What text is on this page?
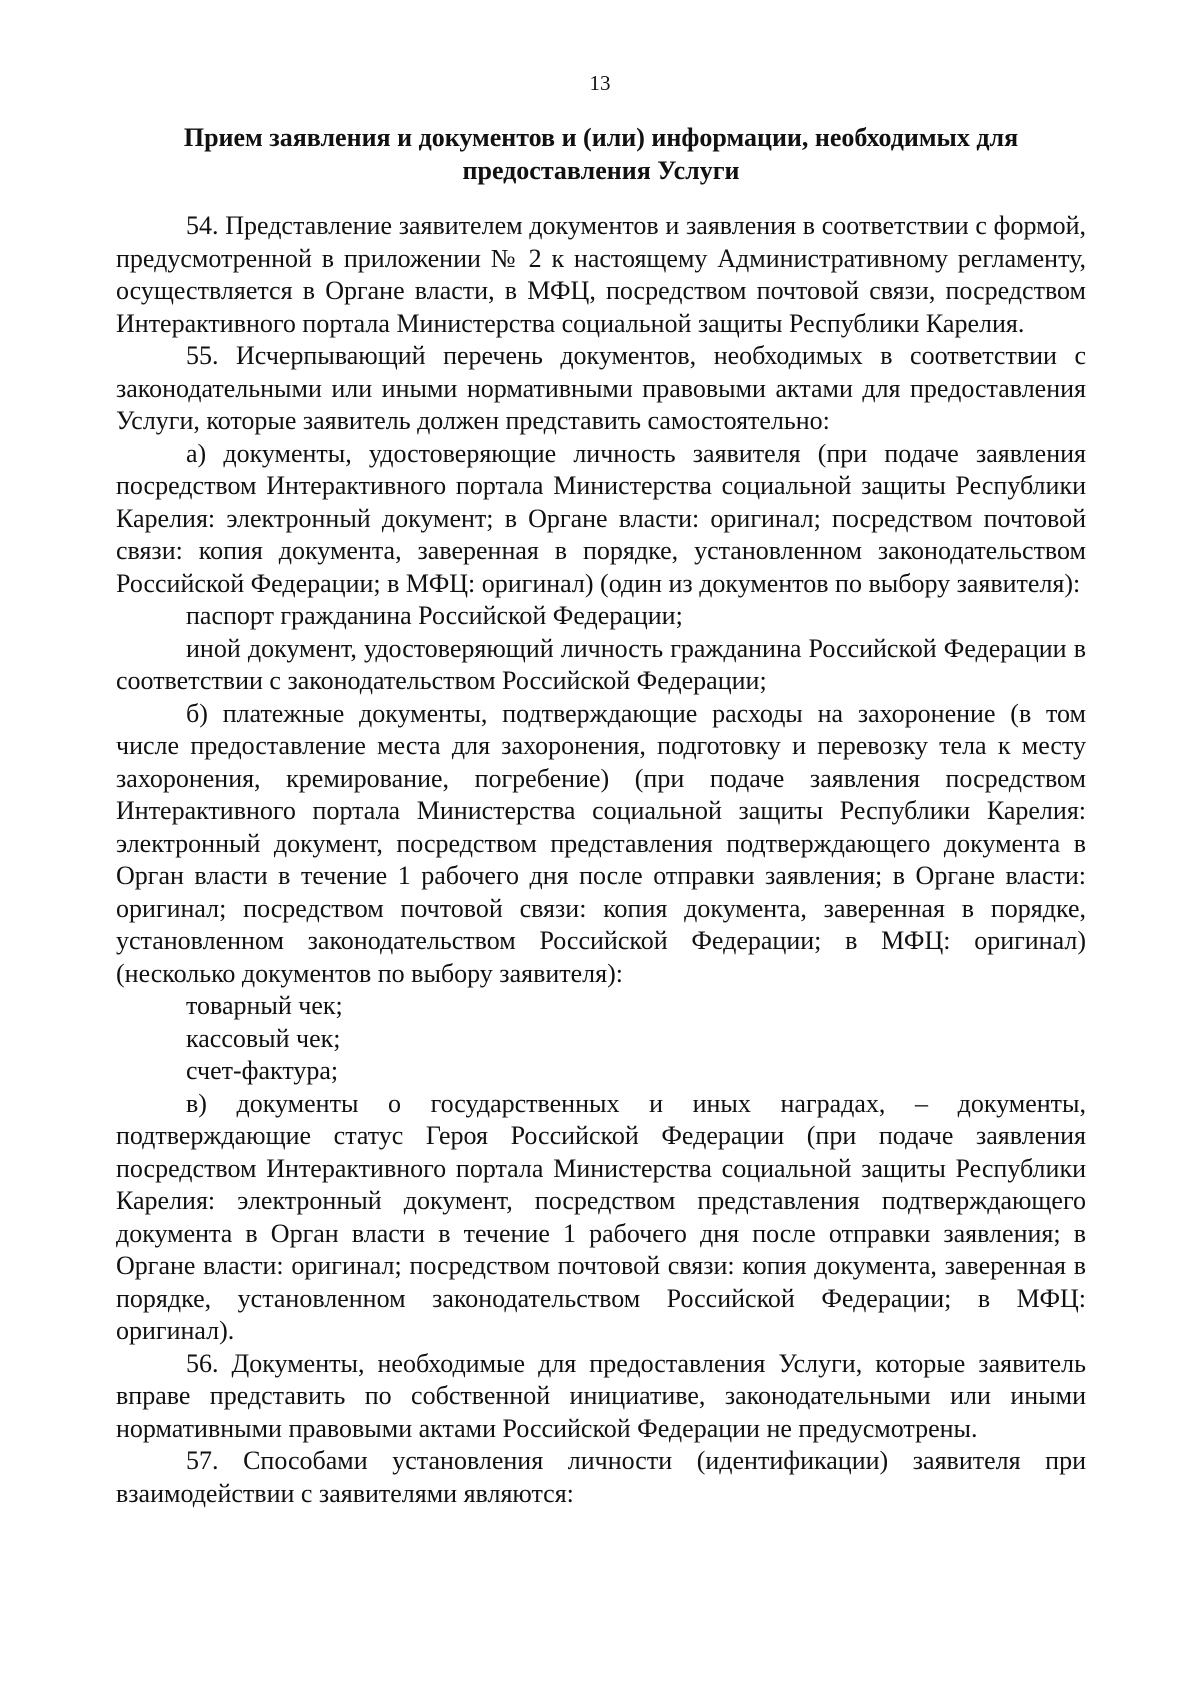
13
Прием заявления и документов и (или) информации, необходимых для предоставления Услуги

54. Представление заявителем документов и заявления в соответствии с формой, предусмотренной в приложении № 2 к настоящему Административному регламенту, осуществляется в Органе власти, в МФЦ, посредством почтовой связи, посредством Интерактивного портала Министерства социальной защиты Республики Карелия.

55. Исчерпывающий перечень документов, необходимых в соответствии с законодательными или иными нормативными правовыми актами для предоставления Услуги, которые заявитель должен представить самостоятельно:

а) документы, удостоверяющие личность заявителя (при подаче заявления посредством Интерактивного портала Министерства социальной защиты Республики Карелия: электронный документ; в Органе власти: оригинал; посредством почтовой связи: копия документа, заверенная в порядке, установленном законодательством Российской Федерации; в МФЦ: оригинал) (один из документов по выбору заявителя):

паспорт гражданина Российской Федерации;

иной документ, удостоверяющий личность гражданина Российской Федерации в соответствии с законодательством Российской Федерации;

б) платежные документы, подтверждающие расходы на захоронение (в том числе предоставление места для захоронения, подготовку и перевозку тела к месту захоронения, кремирование, погребение) (при подаче заявления посредством Интерактивного портала Министерства социальной защиты Республики Карелия: электронный документ, посредством представления подтверждающего документа в Орган власти в течение 1 рабочего дня после отправки заявления; в Органе власти: оригинал; посредством почтовой связи: копия документа, заверенная в порядке, установленном законодательством Российской Федерации; в МФЦ: оригинал) (несколько документов по выбору заявителя):

товарный чек;

кассовый чек;

счет-фактура;

в) документы о государственных и иных наградах, – документы, подтверждающие статус Героя Российской Федерации (при подаче заявления посредством Интерактивного портала Министерства социальной защиты Республики Карелия: электронный документ, посредством представления подтверждающего документа в Орган власти в течение 1 рабочего дня после отправки заявления; в Органе власти: оригинал; посредством почтовой связи: копия документа, заверенная в порядке, установленном законодательством Российской Федерации; в МФЦ: оригинал).

56. Документы, необходимые для предоставления Услуги, которые заявитель вправе представить по собственной инициативе, законодательными или иными нормативными правовыми актами Российской Федерации не предусмотрены.

57. Способами установления личности (идентификации) заявителя при взаимодействии с заявителями являются:
